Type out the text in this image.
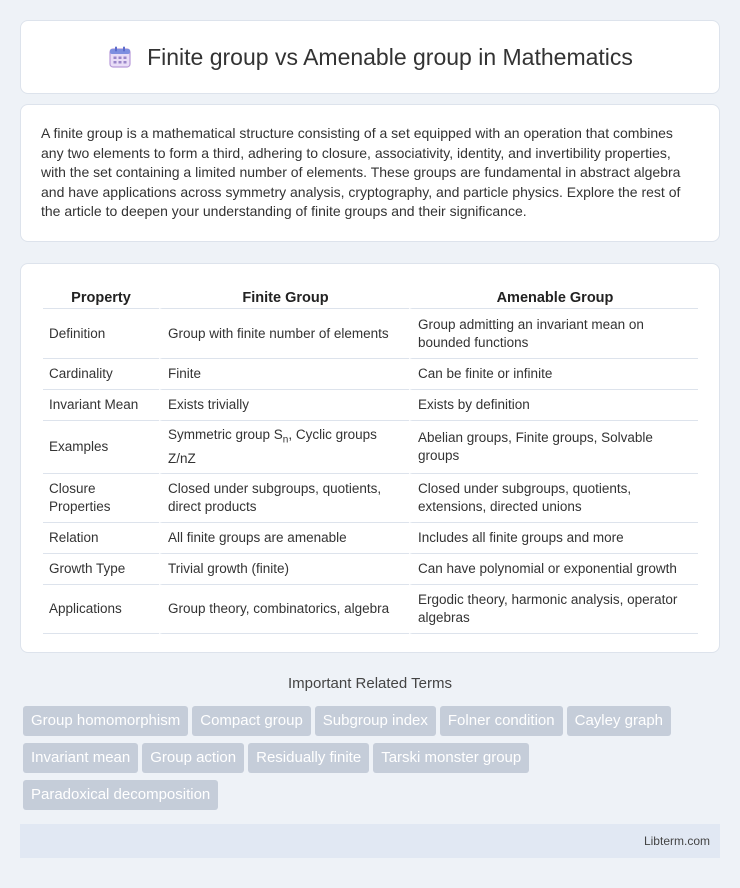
Finite group vs Amenable group in Mathematics

A finite group is a mathematical structure consisting of a set equipped with an operation that combines any two elements to form a third, adhering to closure, associativity, identity, and invertibility properties, with the set containing a limited number of elements. These groups are fundamental in abstract algebra and have applications across symmetry analysis, cryptography, and particle physics. Explore the rest of the article to deepen your understanding of finite groups and their significance.

Property	Finite Group	Amenable Group
Definition	Group with finite number of elements	Group admitting an invariant mean on bounded functions
Cardinality	Finite	Can be finite or infinite
Invariant Mean	Exists trivially	Exists by definition
Examples	Symmetric group $S_n$, Cyclic groups Z/nZ	Abelian groups, Finite groups, Solvable groups
Closure Properties	Closed under subgroups, quotients, direct products	Closed under subgroups, quotients, extensions, directed unions
Relation	All finite groups are amenable	Includes all finite groups and more
Growth Type	Trivial growth (finite)	Can have polynomial or exponential growth
Applications	Group theory, combinatorics, algebra	Ergodic theory, harmonic analysis, operator algebras
Important Related Terms
Group homomorphism Compact group Subgroup index Folner condition Cayley graph
Invariant mean Group action Residually finite Tarski monster group
Paradoxical decomposition
Libterm.com
